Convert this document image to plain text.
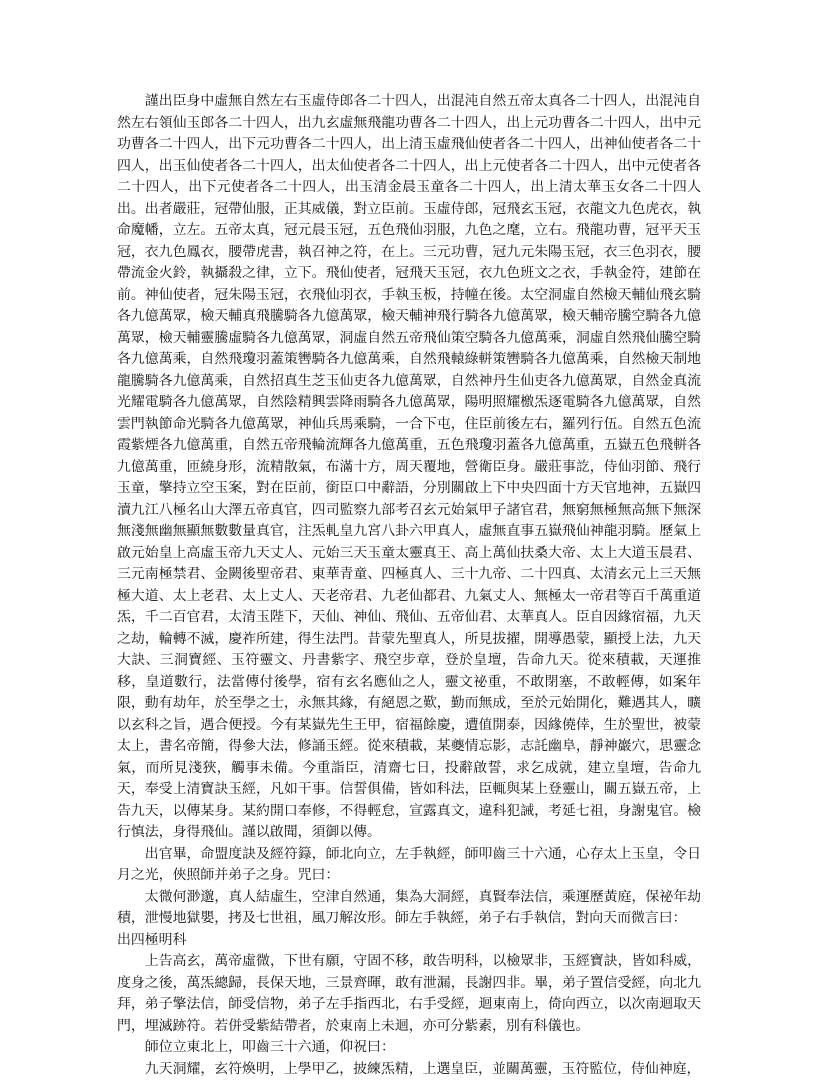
謹出臣身中虛無自然左右玉虛侍郎各二十四人，出混沌自然五帝太真各二十四人，出混沌自然左右領仙玉郎各二十四人，出九玄虛無飛龍功曹各二十四人，出上元功曹各二十四人，出中元功曹各二十四人，出下元功曹各二十四人，出上清玉虛飛仙使者各二十四人，出神仙使者各二十四人，出玉仙使者各二十四人，出太仙使者各二十四人，出上元使者各二十四人，出中元使者各二十四人，出下元使者各二十四人，出玉清金晨玉童各二十四人，出上清太華玉女各二十四人出。出者嚴莊，冠帶仙服，正其威儀，對立臣前。玉虛侍郎，冠飛玄玉冠，衣龍文九色虎衣，執命魔幡，立左。五帝太真，冠元晨玉冠，五色飛仙羽服，九色之麾，立右。飛龍功曹，冠平天玉冠，衣九色鳳衣，腰帶虎書，執召神之符，在上。三元功曹，冠九元朱陽玉冠，衣三色羽衣，腰帶流金火鈴，執攝殺之律，立下。飛仙使者，冠飛天玉冠，衣九色班文之衣，手執金符，建節在前。神仙使者，冠朱陽玉冠，衣飛仙羽衣，手執玉板，持幢在後。太空洞虛自然檢天輔仙飛玄騎各九億萬眾，檢天輔真飛騰騎各九億萬眾，檢天輔神飛行騎各九億萬眾，檢天輔帝騰空騎各九億萬眾，檢天輔靈騰虛騎各九億萬眾，洞虛自然五帝飛仙策空騎各九億萬乘，洞虛自然飛仙騰空騎各九億萬乘，自然飛瓊羽蓋策轡騎各九億萬乘，自然飛轅綠軿策轡騎各九億萬乘，自然檢天制地龍騰騎各九億萬乘，自然招真生芝玉仙吏各九億萬眾，自然神丹生仙吏各九億萬眾，自然金真流光耀電騎各九億萬眾，自然陰精興雲降雨騎各九億萬眾，陽明照耀檄炁逐電騎各九億萬眾，自然雲門執節命光騎各九億萬眾，神仙兵馬乘騎，一合下屯，住臣前後左右，羅列行伍。自然五色流霞紫煙各九億萬重，自然五帝飛輪流輝各九億萬重，五色飛瓊羽蓋各九億萬重，五嶽五色飛軿各九億萬重，匝繞身形，流精散氣，布滿十方，周天覆地，營衛臣身。嚴莊事訖，侍仙羽節、飛行玉童，擎持立空玉案，對在臣前，銜臣口中辭語，分別關啟上下中央四面十方天官地神，五嶽四瀆九江八極名山大澤五帝真官，四司監察九部考召玄元始氣甲子諸官君，無窮無極無高無下無深無淺無幽無顯無數數量真官，注炁軋皇九宮八卦六甲真人，虛無直事五嶽飛仙神龍羽騎。歷氣上啟元始皇上高虛玉帝九天丈人、元始三天玉童太靈真王、高上萬仙扶桑大帝、太上大道玉晨君、三元南極禁君、金闕後聖帝君、東華青童、四極真人、三十九帝、二十四真、太清玄元上三天無極大道、太上老君、太上丈人、天老帝君、九老仙都君、九氣丈人、無極太一帝君等百千萬重道炁，千二百官君，太清玉陛下，天仙、神仙、飛仙、五帝仙君、太華真人。臣自因緣宿福，九天之劫，輪轉不滅，慶祚所建，得生法門。昔蒙先聖真人，所見拔擢，開導愚蒙，顯授上法，九天大訣、三洞寶經、玉符靈文、丹書紫字、飛空步章，登於皇壇，告命九天。從來積載，天運推移，皇道數行，法當傳付後學，宿有玄名應仙之人，靈文祕重，不敢閉塞，不敢輕傳，如案年限，動有劫年，於至學之士，永無其緣，有絕恩之歎，勤而無成，至於元始開化，難遇其人，曠以玄科之旨，遇合便授。今有某嶽先生王甲，宿福餘慶，遭值開泰，因緣僥倖，生於聖世，被蒙太上，書名帝簡，得參大法，修誦玉經。從來積載，某夔情忘影，志託幽阜，靜神巖穴，思靈念氣，而所見淺狹，觸事未備。今重詣臣，清齋七日，投辭啟誓，求乞成就，建立皇壇，告命九天，奉受上清寶訣玉經，凡如干事。信誓俱備，皆如科法，臣輒與某上登靈山，關五嶽五帝，上告九天，以傳某身。某約開口奉修，不得輕怠，宣露真文，違科犯誡，考延七祖，身謝鬼官。檢行慎法，身得飛仙。謹以啟聞，須御以傳。

出官畢，命盟度訣及經符籙，師北向立，左手執經，師叩齒三十六通，心存太上玉皇，令日月之光，俠照師并弟子之身。咒曰：

太微何渺邈，真人結虛生，空津自然通，集為大洞經，真賢奉法信，乘運歷黃庭，保祕年劫積，泄慢地獄嬰，拷及七世祖，風刀解汝形。師左手執經，弟子右手執信，對向天而微言曰：

出四極明科

上告高玄，萬帝虛微，下世有願，守固不移，敢告明科，以檢眾非，玉經寶訣，皆如科威，度身之後，萬炁總歸，長保天地，三景齊暉，敢有泄漏，長謝四非。畢，弟子置信受經，向北九拜，弟子擎法信，師受信物，弟子左手指西北，右手受經，迴東南上，倚向西立，以次南迴取天門，埋滅跡符。若併受紫結帶者，於東南上未迴，亦可分紫素，別有科儀也。

師位立東北上，叩齒三十六通，仰祝曰：

九天洞耀，玄符煥明，上學甲乙，披練炁精，上選皇臣，並關萬靈，玉符監位，侍仙神庭，
